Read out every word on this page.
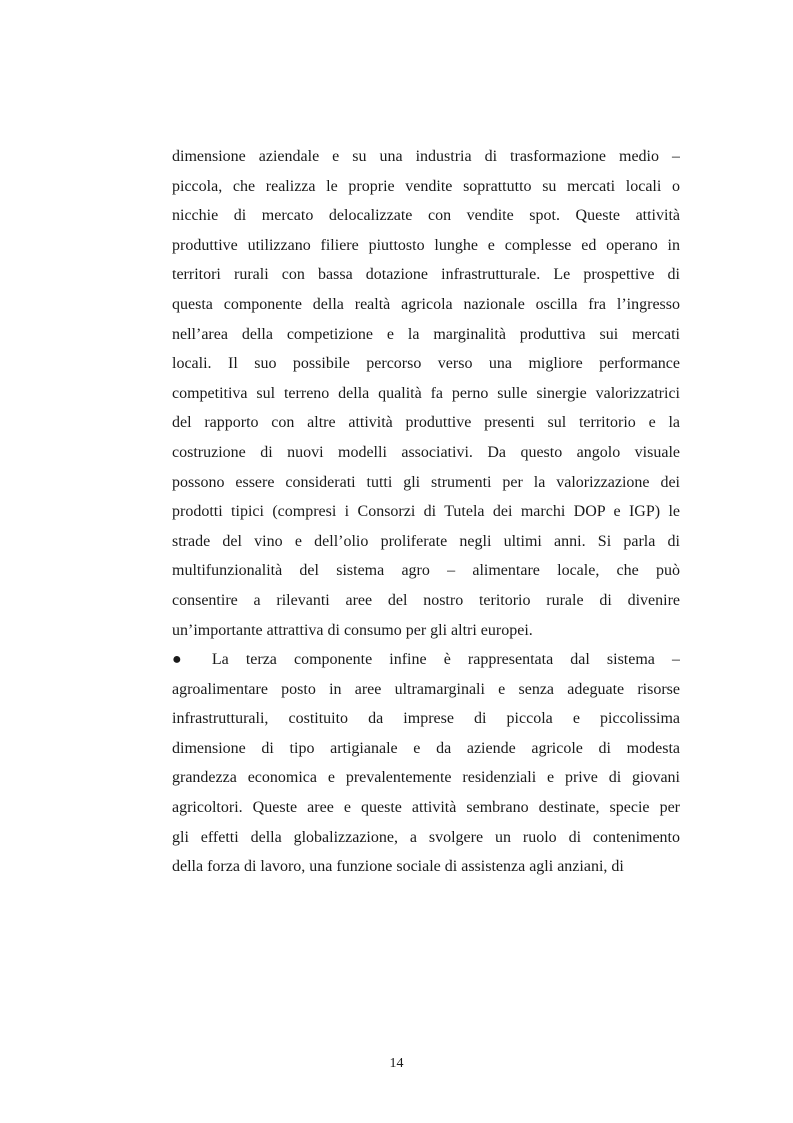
dimensione aziendale e su una industria di trasformazione medio –
piccola, che realizza le proprie vendite soprattutto su mercati locali o
nicchie di mercato delocalizzate con vendite spot. Queste attività
produttive utilizzano filiere piuttosto lunghe e complesse ed operano in
territori rurali con bassa dotazione infrastrutturale. Le prospettive di
questa componente della realtà agricola nazionale oscilla fra l’ingresso
nell’area della competizione e la marginalità produttiva sui mercati
locali. Il suo possibile percorso verso una migliore performance
competitiva sul terreno della qualità fa perno sulle sinergie valorizzatrici
del rapporto con altre attività produttive presenti sul territorio e la
costruzione di nuovi modelli associativi. Da questo angolo visuale
possono essere considerati tutti gli strumenti per la valorizzazione dei
prodotti tipici (compresi i Consorzi di Tutela dei marchi DOP e IGP) le
strade del vino e dell’olio proliferate negli ultimi anni. Si parla di
multifunzionalità del sistema agro – alimentare locale, che può
consentire a rilevanti aree del nostro teritorio rurale di divenire
un’importante attrattiva di consumo per gli altri europei.
● La terza componente infine è rappresentata dal sistema –
agroalimentare posto in aree ultramarginali e senza adeguate risorse
infrastrutturali, costituito da imprese di piccola e piccolissima
dimensione di tipo artigianale e da aziende agricole di modesta
grandezza economica e prevalentemente residenziali e prive di giovani
agricoltori. Queste aree e queste attività sembrano destinate, specie per
gli effetti della globalizzazione, a svolgere un ruolo di contenimento
della forza di lavoro, una funzione sociale di assistenza agli anziani, di
14
